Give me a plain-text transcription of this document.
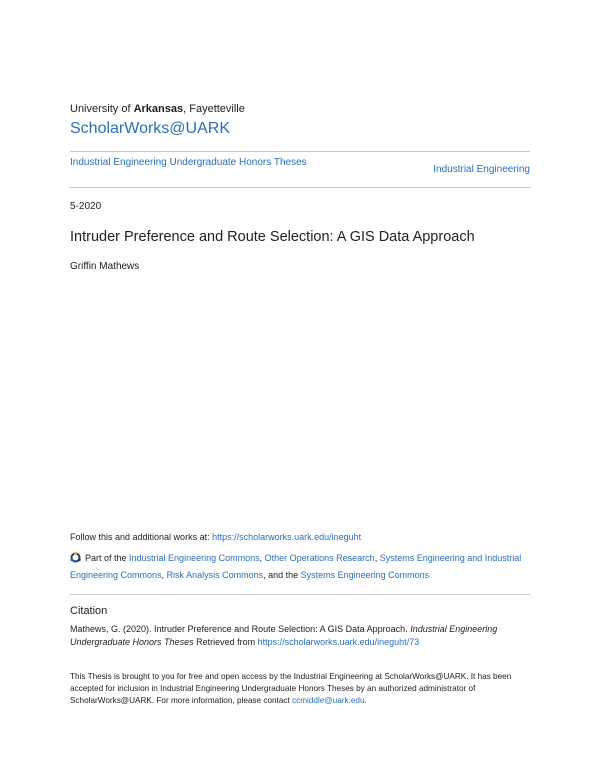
University of Arkansas, Fayetteville
ScholarWorks@UARK
Industrial Engineering Undergraduate Honors Theses
Industrial Engineering
5-2020
Intruder Preference and Route Selection: A GIS Data Approach
Griffin Mathews
Follow this and additional works at: https://scholarworks.uark.edu/ineguht
Part of the Industrial Engineering Commons, Other Operations Research, Systems Engineering and Industrial Engineering Commons, Risk Analysis Commons, and the Systems Engineering Commons
Citation
Mathews, G. (2020). Intruder Preference and Route Selection: A GIS Data Approach. Industrial Engineering Undergraduate Honors Theses Retrieved from https://scholarworks.uark.edu/ineguht/73
This Thesis is brought to you for free and open access by the Industrial Engineering at ScholarWorks@UARK. It has been accepted for inclusion in Industrial Engineering Undergraduate Honors Theses by an authorized administrator of ScholarWorks@UARK. For more information, please contact ccmiddle@uark.edu.
